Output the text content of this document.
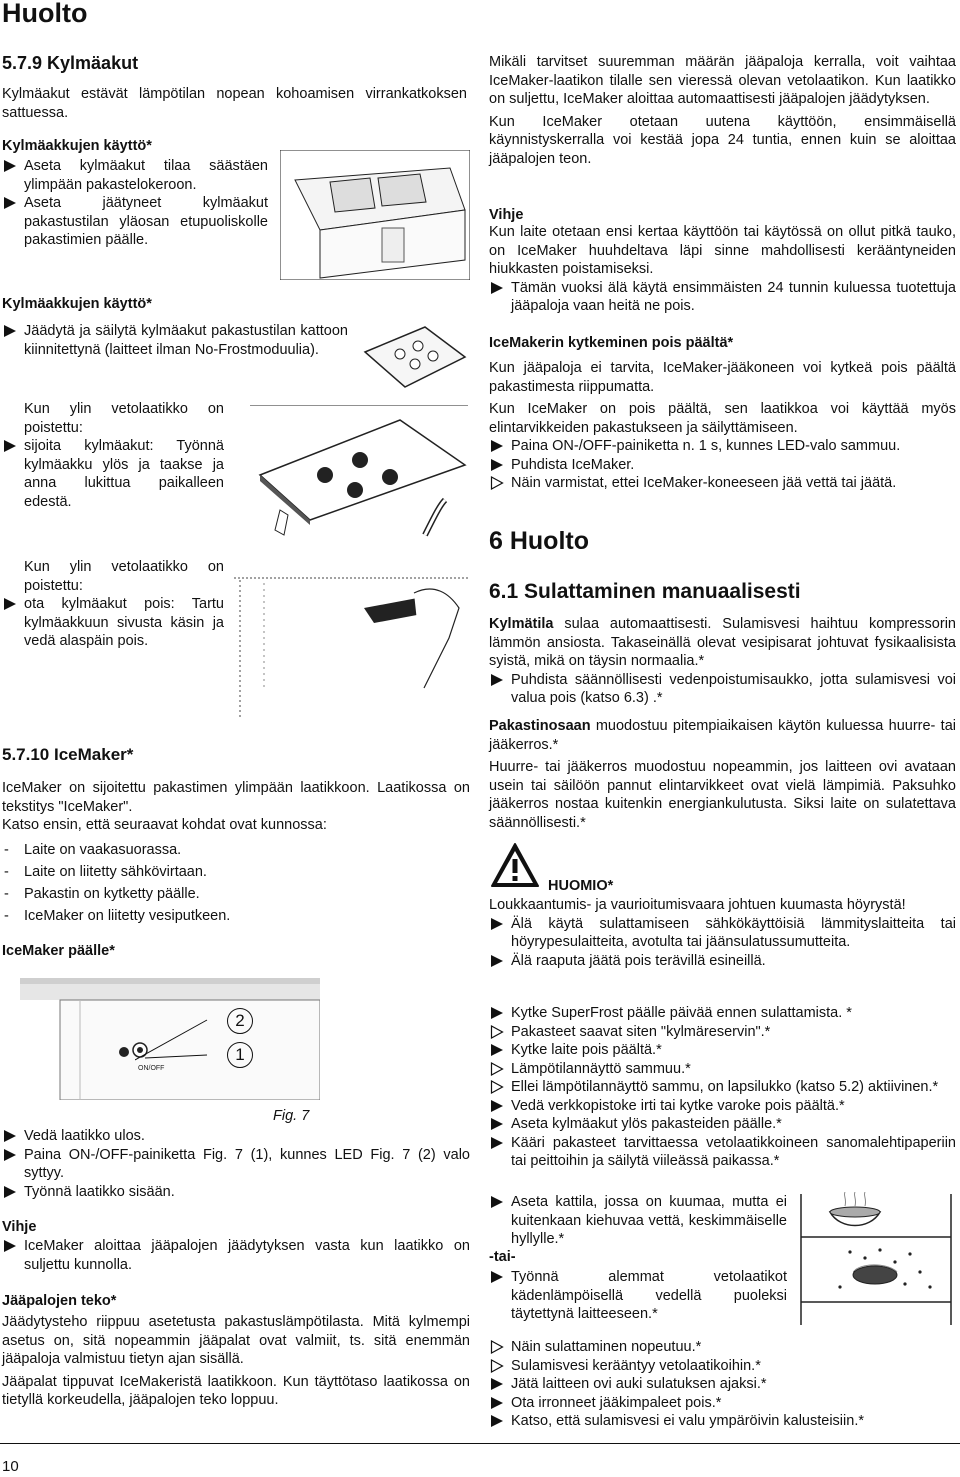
Huolto
5.7.9 Kylmäakut
Kylmäakut estävät lämpötilan nopean kohoamisen virrankatkoksen sattuessa.
Kylmäakkujen käyttö*
Aseta kylmäakut tilaa säästäen ylimpään pakastelokeroon.
Aseta jäätyneet kylmäakut pakastustilan yläosan etupuoliskolle pakastimien päälle.
Kylmäakkujen käyttö*
Jäädytä ja säilytä kylmäakut pakastustilan kattoon kiinnitettynä (laitteet ilman No-Frostmoduulia).
Kun ylin vetolaatikko on poistettu:
sijoita kylmäakut: Työnnä kylmäakku ylös ja taakse ja anna lukittua paikalleen edestä.
Kun ylin vetolaatikko on poistettu:
ota kylmäakut pois: Tartu kylmäakkuun sivusta käsin ja vedä alaspäin pois.
5.7.10 IceMaker*
IceMaker on sijoitettu pakastimen ylimpään laatikkoon. Laatikossa on tekstitys "IceMaker".
Katso ensin, että seuraavat kohdat ovat kunnossa:
- Laite on vaakasuorassa.
- Laite on liitetty sähkövirtaan.
- Pakastin on kytketty päälle.
- IceMaker on liitetty vesiputkeen.
IceMaker päälle*
ON/OFF
2
1
Fig. 7
Vedä laatikko ulos.
Paina ON-/OFF-painiketta Fig. 7 (1), kunnes LED Fig. 7 (2) valo syttyy.
Työnnä laatikko sisään.
Vihje
IceMaker aloittaa jääpalojen jäädytyksen vasta kun laatikko on suljettu kunnolla.
Jääpalojen teko*
Jäädytysteho riippuu asetetusta pakastuslämpötilasta. Mitä kylmempi asetus on, sitä nopeammin jääpalat ovat valmiit, ts. sitä enemmän jääpaloja valmistuu tietyn ajan sisällä.
Jääpalat tippuvat IceMakeristä laatikkoon. Kun täyttötaso laatikossa on tietyllä korkeudella, jääpalojen teko loppuu.
Mikäli tarvitset suuremman määrän jääpaloja kerralla, voit vaihtaa IceMaker-laatikon tilalle sen vieressä olevan vetolaatikon. Kun laatikko on suljettu, IceMaker aloittaa automaattisesti jääpalojen jäädytyksen.
Kun IceMaker otetaan uutena käyttöön, ensimmäisellä käynnistyskerralla voi kestää jopa 24 tuntia, ennen kuin se aloittaa jääpalojen teon.
Vihje
Kun laite otetaan ensi kertaa käyttöön tai käytössä on ollut pitkä tauko, on IceMaker huuhdeltava läpi sinne mahdollisesti kerääntyneiden hiukkasten poistamiseksi.
Tämän vuoksi älä käytä ensimmäisten 24 tunnin kuluessa tuotettuja jääpaloja vaan heitä ne pois.
IceMakerin kytkeminen pois päältä*
Kun jääpaloja ei tarvita, IceMaker-jääkoneen voi kytkeä pois päältä pakastimesta riippumatta.
Kun IceMaker on pois päältä, sen laatikkoa voi käyttää myös elintarvikkeiden pakastukseen ja säilyttämiseen.
Paina ON-/OFF-painiketta n. 1 s, kunnes LED-valo sammuu.
Puhdista IceMaker.
Näin varmistat, ettei IceMaker-koneeseen jää vettä tai jäätä.
6 Huolto
6.1 Sulattaminen manuaalisesti
Kylmätila sulaa automaattisesti. Sulamisvesi haihtuu kompressorin lämmön ansiosta. Takaseinällä olevat vesipisarat johtuvat fysikaalisista syistä, mikä on täysin normaalia.*
Puhdista säännöllisesti vedenpoistumisaukko, jotta sulamisvesi voi valua pois (katso 6.3) .*
Pakastinosaan muodostuu pitempiaikaisen käytön kuluessa huurre- tai jääkerros.*
Huurre- tai jääkerros muodostuu nopeammin, jos laitteen ovi avataan usein tai säilöön pannut elintarvikkeet ovat vielä lämpimiä. Paksuhko jääkerros nostaa kuitenkin energiankulutusta. Siksi laite on sulatettava säännöllisesti.*
HUOMIO*
Loukkaantumis- ja vaurioitumisvaara johtuen kuumasta höyrystä!
Älä käytä sulattamiseen sähkökäyttöisiä lämmityslaitteita tai höyrypesulaitteita, avotulta tai jäänsulatussumutteita.
Älä raaputa jäätä pois terävillä esineillä.
Kytke SuperFrost päälle päivää ennen sulattamista. *
Pakasteet saavat siten "kylmäreservin".*
Kytke laite pois päältä.*
Lämpötilannäyttö sammuu.*
Ellei lämpötilannäyttö sammu, on lapsilukko (katso 5.2) aktiivinen.*
Vedä verkkopistoke irti tai kytke varoke pois päältä.*
Aseta kylmäakut ylös pakasteiden päälle.*
Kääri pakasteet tarvittaessa vetolaatikkoineen sanomalehtipaperiin tai peittoihin ja säilytä viileässä paikassa.*
Aseta kattila, jossa on kuumaa, mutta ei kuitenkaan kiehuvaa vettä, keskimmäiselle hyllylle.*
-tai-
Työnnä alemmat vetolaatikot kädenlämpöisellä vedellä puoleksi täytettynä laitteeseen.*
Näin sulattaminen nopeutuu.*
Sulamisvesi kerääntyy vetolaatikoihin.*
Jätä laitteen ovi auki sulatuksen ajaksi.*
Ota irronneet jääkimpaleet pois.*
Katso, että sulamisvesi ei valu ympäröivin kalusteisiin.*
10
